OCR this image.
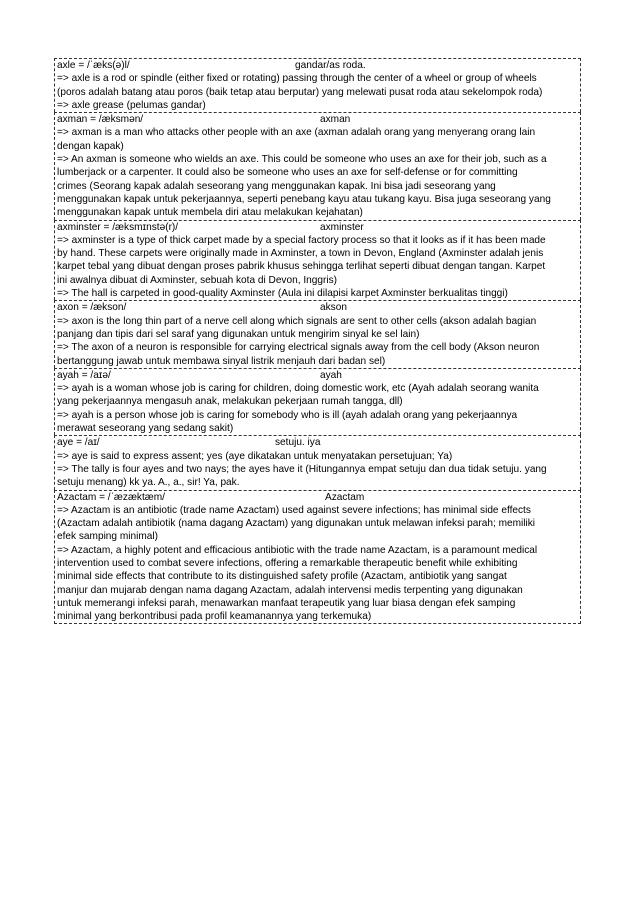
axle = /ˈæks(ə)l/	gandar/as roda.
=> axle is a rod or spindle (either fixed or rotating) passing through the center of a wheel or group of wheels
(poros adalah batang atau poros (baik tetap atau berputar) yang melewati pusat roda atau sekelompok roda)
=> axle grease (pelumas gandar)
axman = /æksmən/	axman
=> axman is a man who attacks other people with an axe (axman adalah orang yang menyerang orang lain
dengan kapak)
=> An axman is someone who wields an axe. This could be someone who uses an axe for their job, such as a
lumberjack or a carpenter. It could also be someone who uses an axe for self-defense or for committing
crimes (Seorang kapak adalah seseorang yang menggunakan kapak. Ini bisa jadi seseorang yang
menggunakan kapak untuk pekerjaannya, seperti penebang kayu atau tukang kayu. Bisa juga seseorang yang
menggunakan kapak untuk membela diri atau melakukan kejahatan)
axminster = /æksmɪnstə(r)/	axminster
=> axminster is a type of thick carpet made by a special factory process so that it looks as if it has been made
by hand. These carpets were originally made in Axminster, a town in Devon, England (Axminster adalah jenis
karpet tebal yang dibuat dengan proses pabrik khusus sehingga terlihat seperti dibuat dengan tangan. Karpet
ini awalnya dibuat di Axminster, sebuah kota di Devon, Inggris)
=> The hall is carpeted in good-quality Axminster (Aula ini dilapisi karpet Axminster berkualitas tinggi)
axon = /ækson/	akson
=> axon is the long thin part of a nerve cell along which signals are sent to other cells (akson adalah bagian
panjang dan tipis dari sel saraf yang digunakan untuk mengirim sinyal ke sel lain)
=> The axon of a neuron is responsible for carrying electrical signals away from the cell body (Akson neuron
bertanggung jawab untuk membawa sinyal listrik menjauh dari badan sel)
ayah = /aɪə/	ayah
=> ayah is a woman whose job is caring for children, doing domestic work, etc (Ayah adalah seorang wanita
yang pekerjaannya mengasuh anak, melakukan pekerjaan rumah tangga, dll)
=> ayah is a person whose job is caring for somebody who is ill (ayah adalah orang yang pekerjaannya
merawat seseorang yang sedang sakit)
aye = /aɪ/	setuju. iya
=> aye is said to express assent; yes (aye dikatakan untuk menyatakan persetujuan; Ya)
=> The tally is four ayes and two nays; the ayes have it (Hitungannya empat setuju dan dua tidak setuju. yang
setuju menang) kk ya. A., a., sir! Ya, pak.
Azactam = /ˈæzæktæm/	Azactam
=> Azactam is an antibiotic (trade name Azactam) used against severe infections; has minimal side effects
(Azactam adalah antibiotik (nama dagang Azactam) yang digunakan untuk melawan infeksi parah; memiliki
efek samping minimal)
=> Azactam, a highly potent and efficacious antibiotic with the trade name Azactam, is a paramount medical
intervention used to combat severe infections, offering a remarkable therapeutic benefit while exhibiting
minimal side effects that contribute to its distinguished safety profile (Azactam, antibiotik yang sangat
manjur dan mujarab dengan nama dagang Azactam, adalah intervensi medis terpenting yang digunakan
untuk memerangi infeksi parah, menawarkan manfaat terapeutik yang luar biasa dengan efek samping
minimal yang berkontribusi pada profil keamanannya yang terkemuka)
